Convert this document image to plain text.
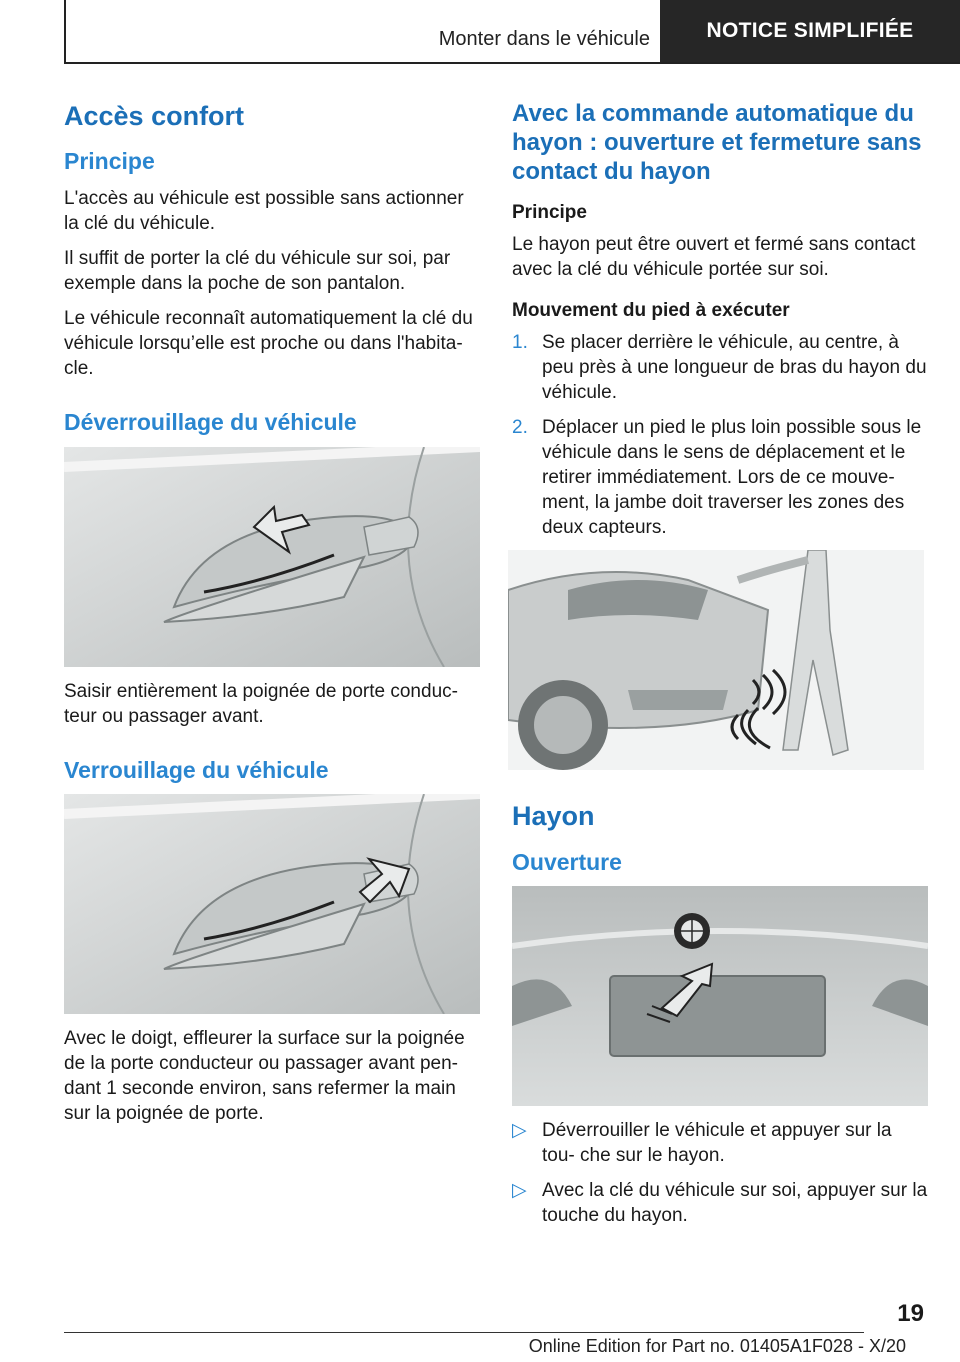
Monter dans le véhicule	NOTICE SIMPLIFIÉE
Accès confort
Principe

L'accès au véhicule est possible sans actionner la clé du véhicule.

Il suffit de porter la clé du véhicule sur soi, par exemple dans la poche de son pantalon.

Le véhicule reconnaît automatiquement la clé du véhicule lorsqu’elle est proche ou dans l'habita- cle.

Déverrouillage du véhicule

Saisir entièrement la poignée de porte conduc- teur ou passager avant.

Verrouillage du véhicule

Avec le doigt, effleurer la surface sur la poignée de la porte conducteur ou passager avant pen- dant 1 seconde environ, sans refermer la main sur la poignée de porte.

Avec la commande automatique du hayon : ouverture et fermeture sans contact du hayon
Principe

Le hayon peut être ouvert et fermé sans contact avec la clé du véhicule portée sur soi.

Mouvement du pied à exécuter
1. Se placer derrière le véhicule, au centre, à peu près à une longueur de bras du hayon du véhicule.
2. Déplacer un pied le plus loin possible sous le véhicule dans le sens de déplacement et le retirer immédiatement. Lors de ce mouve- ment, la jambe doit traverser les zones des deux capteurs.
Hayon
Ouverture
▷ Déverrouiller le véhicule et appuyer sur la tou- che sur le hayon.
▷ Avec la clé du véhicule sur soi, appuyer sur la touche du hayon.
19
Online Edition for Part no. 01405A1F028 - X/20
